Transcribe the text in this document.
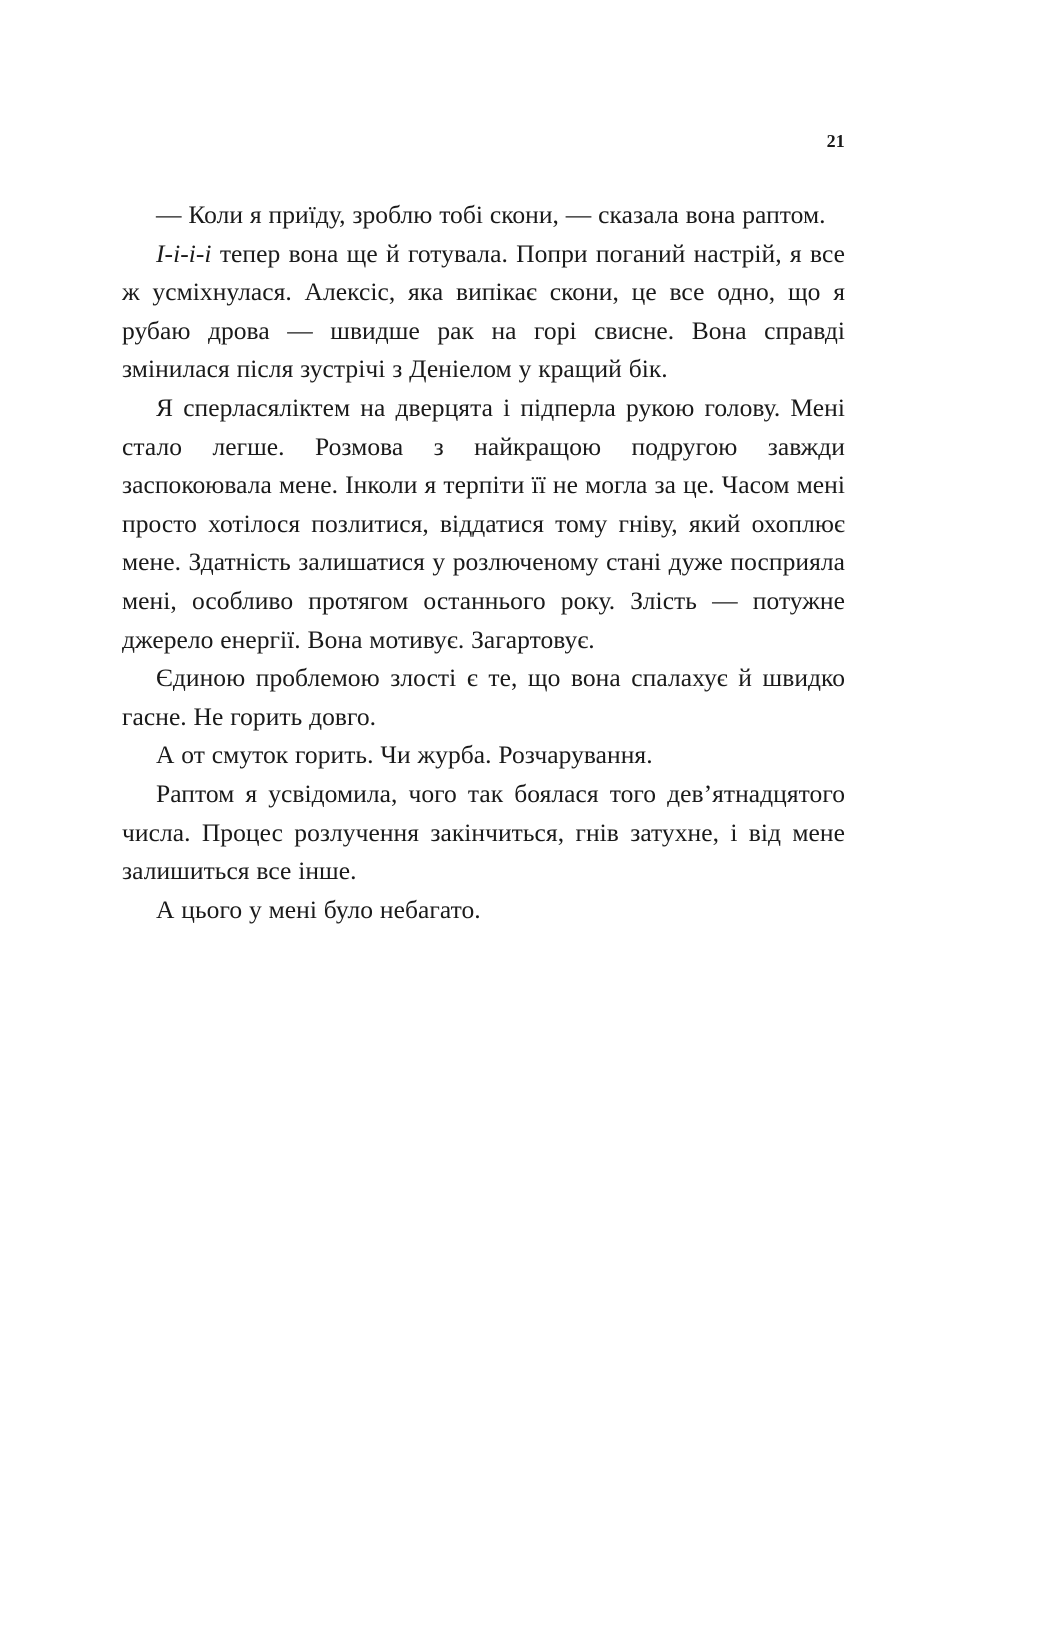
21

— Коли я приїду, зроблю тобі скони, — сказала вона раптом.

І-і-і-і тепер вона ще й готувала. Попри поганий настрій, я все ж усміхнулася. Алексіс, яка випікає скони, це все одно, що я рубаю дрова — швидше рак на горі свисне. Вона справді змінилася після зустрічі з Деніелом у кращий бік.

Я сперласяліктем на дверцята і підперла рукою голову. Мені стало легше. Розмова з найкращою подругою завжди заспокоювала мене. Інколи я терпіти її не могла за це. Часом мені просто хотілося позлитися, віддатися тому гніву, який охоплює мене. Здатність залишатися у розлюченому стані дуже посприяла мені, особливо протягом останнього року. Злість — потужне джерело енергії. Вона мотивує. Загартовує.

Єдиною проблемою злості є те, що вона спалахує й швидко гасне. Не горить довго.

А от смуток горить. Чи журба. Розчарування.

Раптом я усвідомила, чого так боялася того дев’ятнадцятого числа. Процес розлучення закінчиться, гнів затухне, і від мене залишиться все інше.

А цього у мені було небагато.
